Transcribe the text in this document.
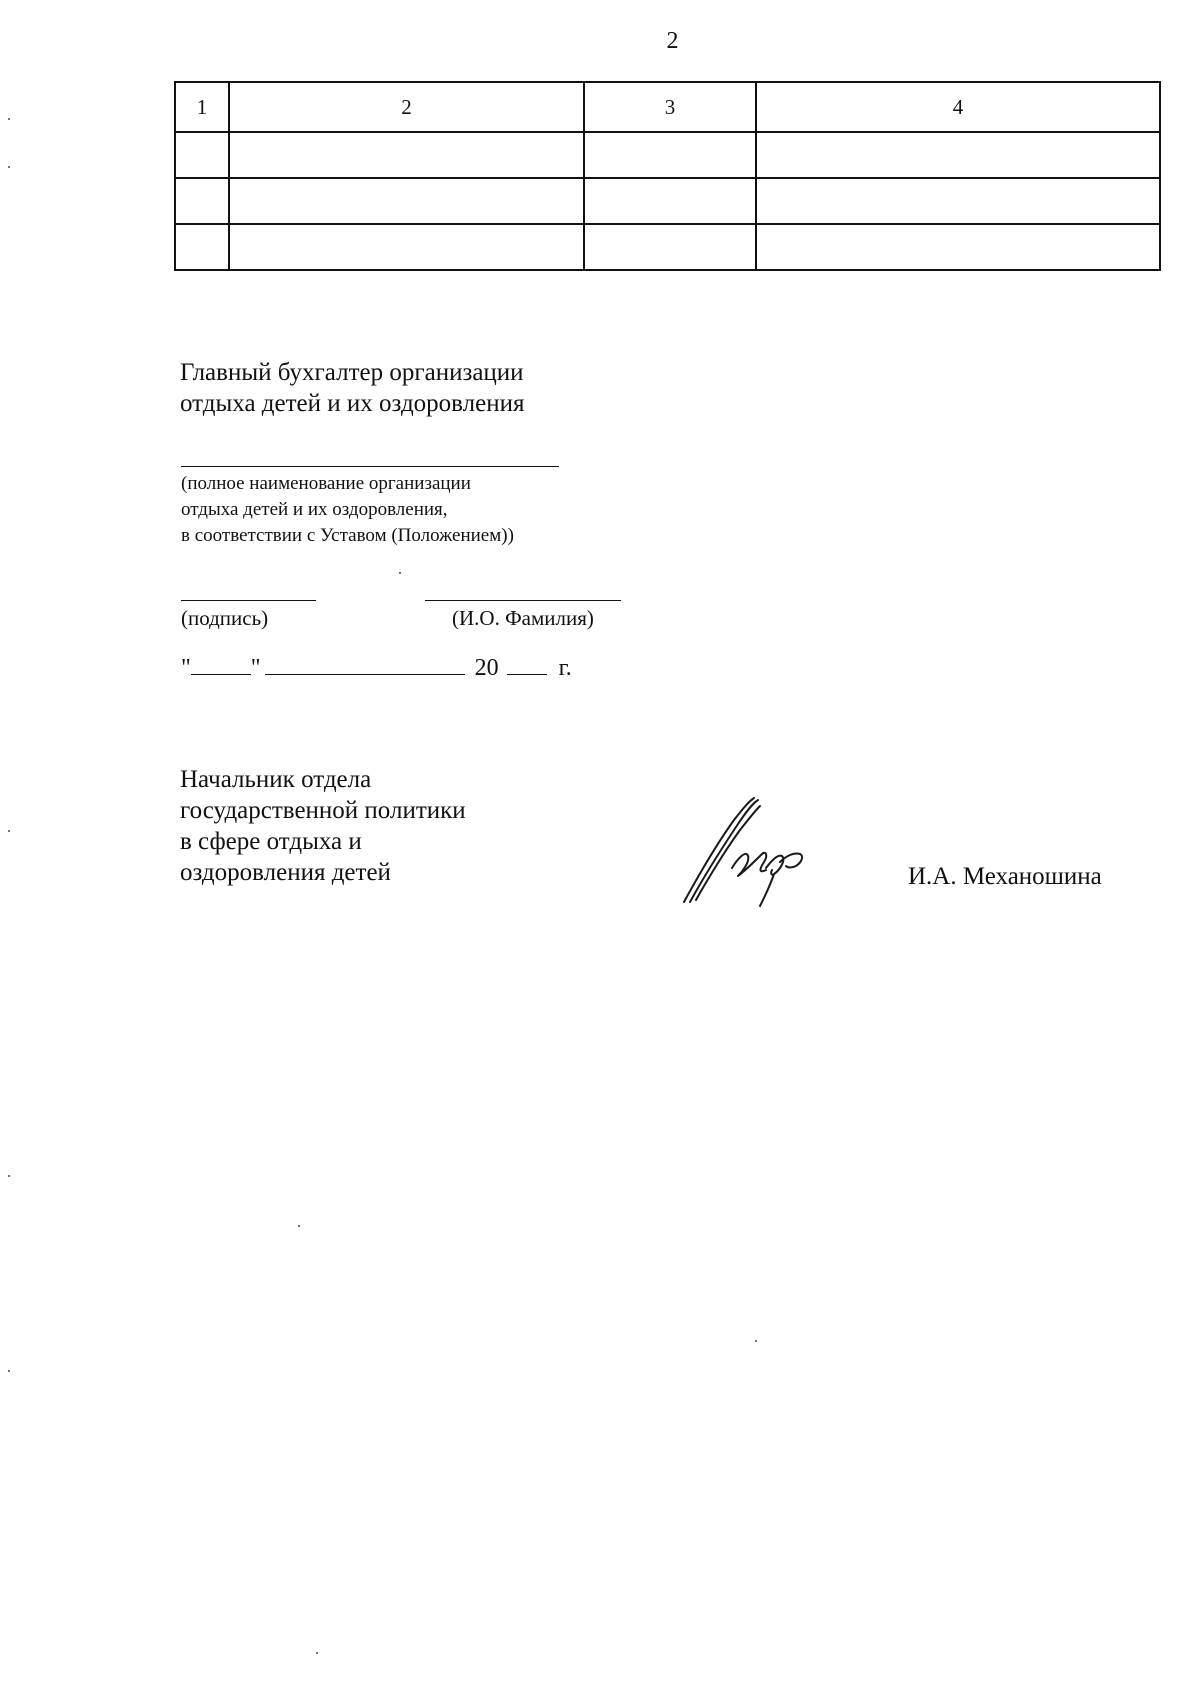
2
1	2	3	4

Главный бухгалтер организации
отдыха детей и их оздоровления
(полное наименование организации
отдыха детей и их оздоровления,
в соответствии с Уставом (Положением))
(подпись)	(И.О. Фамилия)
"	"	20	г.
Начальник отдела
государственной политики
в сфере отдыха и
оздоровления детей	И.А. Механошина
